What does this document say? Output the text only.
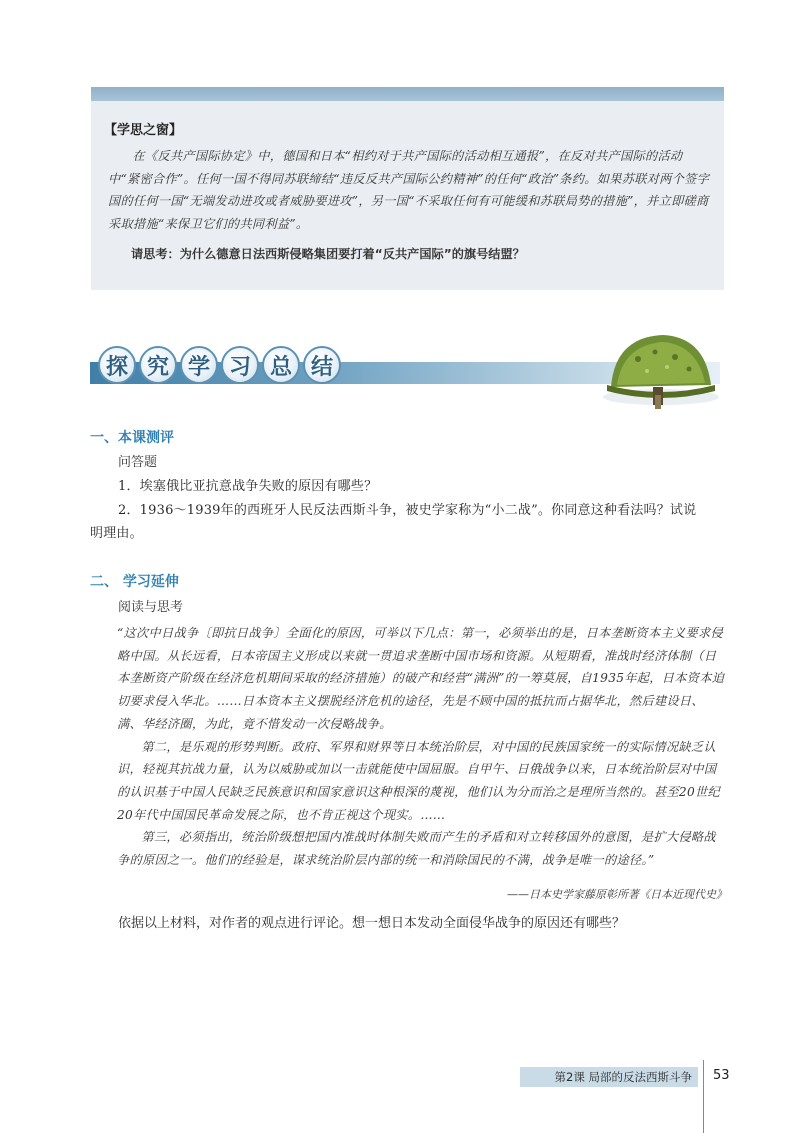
【学思之窗】
在《反共产国际协定》中，德国和日本“相约对于共产国际的活动相互通报”，在反对共产国际的活动中“紧密合作”。任何一国不得同苏联缔结“违反反共产国际公约精神”的任何“政治”条约。如果苏联对两个签字国的任何一国“无端发动进攻或者威胁要进攻”，另一国“不采取任何有可能缓和苏联局势的措施”，并立即磋商采取措施“来保卫它们的共同利益”。
请思考：为什么德意日法西斯侵略集团要打着“反共产国际”的旗号结盟？
探 究 学 习 总 结
一、本课测评
问答题
1．埃塞俄比亚抗意战争失败的原因有哪些？
2．1936～1939年的西班牙人民反法西斯斗争，被史学家称为“小二战”。你同意这种看法吗？试说
明理由。
二、 学习延伸
阅读与思考

“这次中日战争〔即抗日战争〕全面化的原因，可举以下几点：第一，必须举出的是，日本垄断资本主义要求侵略中国。从长远看，日本帝国主义形成以来就一贯追求垄断中国市场和资源。从短期看，准战时经济体制（日本垄断资产阶级在经济危机期间采取的经济措施）的破产和经营“满洲”的一筹莫展，自1935年起，日本资本迫切要求侵入华北。……日本资本主义摆脱经济危机的途径，先是不顾中国的抵抗而占据华北，然后建设日、满、华经济圈，为此，竟不惜发动一次侵略战争。

第二，是乐观的形势判断。政府、军界和财界等日本统治阶层，对中国的民族国家统一的实际情况缺乏认识，轻视其抗战力量，认为以威胁或加以一击就能使中国屈服。自甲午、日俄战争以来，日本统治阶层对中国的认识基于中国人民缺乏民族意识和国家意识这种根深的蔑视，他们认为分而治之是理所当然的。甚至20世纪20年代中国国民革命发展之际，也不肯正视这个现实。……

第三，必须指出，统治阶级想把国内准战时体制失败而产生的矛盾和对立转移国外的意图，是扩大侵略战争的原因之一。他们的经验是，谋求统治阶层内部的统一和消除国民的不满，战争是唯一的途径。”

——日本史学家藤原彰所著《日本近现代史》
依据以上材料，对作者的观点进行评论。想一想日本发动全面侵华战争的原因还有哪些？
第2课 局部的反法西斯斗争	53
